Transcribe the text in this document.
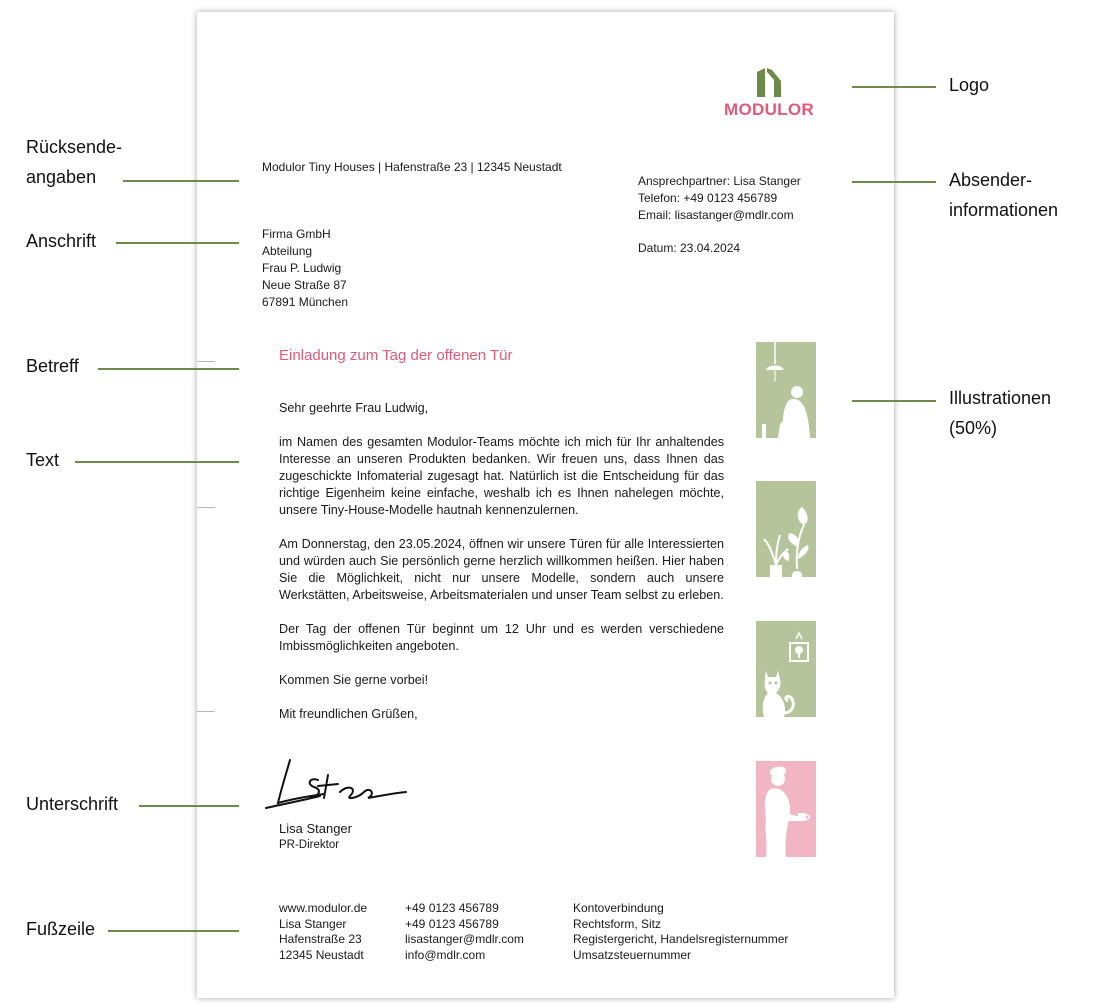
MODULOR
Modulor Tiny Houses | Hafenstraße 23 | 12345 Neustadt
Ansprechpartner: Lisa Stanger
Telefon: +49 0123 456789
Email: lisastanger@mdlr.com
Datum: 23.04.2024
Firma GmbH
Abteilung
Frau P. Ludwig
Neue Straße 87
67891 München
Einladung zum Tag der offenen Tür
Sehr geehrte Frau Ludwig,
im Namen des gesamten Modulor-Teams möchte ich mich für Ihr anhaltendes Interesse an unseren Produkten bedanken. Wir freuen uns, dass Ihnen das zugeschickte Infomaterial zugesagt hat. Natürlich ist die Entscheidung für das richtige Eigenheim keine einfache, weshalb ich es Ihnen nahelegen möchte, unsere Tiny-House-Modelle hautnah kennenzulernen.
Am Donnerstag, den 23.05.2024, öffnen wir unsere Türen für alle Interessierten und würden auch Sie persönlich gerne herzlich willkommen heißen. Hier haben Sie die Möglichkeit, nicht nur unsere Modelle, sondern auch unsere Werkstätten, Arbeitsweise, Arbeitsmaterialen und unser Team selbst zu erleben.
Der Tag der offenen Tür beginnt um 12 Uhr und es werden verschiedene Imbissmöglichkeiten angeboten.
Kommen Sie gerne vorbei!
Mit freundlichen Grüßen,
Lisa Stanger
PR-Direktor
www.modulor.de
Lisa Stanger
Hafenstraße 23
12345 Neustadt
+49 0123 456789
+49 0123 456789
lisastanger@mdlr.com
info@mdlr.com
Kontoverbindung
Rechtsform, Sitz
Registergericht, Handelsregisternummer
Umsatzsteuernummer
Logo
Absender-
informationen
Illustrationen
(50%)
Rücksende-
angaben
Anschrift
Betreff
Text
Unterschrift
Fußzeile
